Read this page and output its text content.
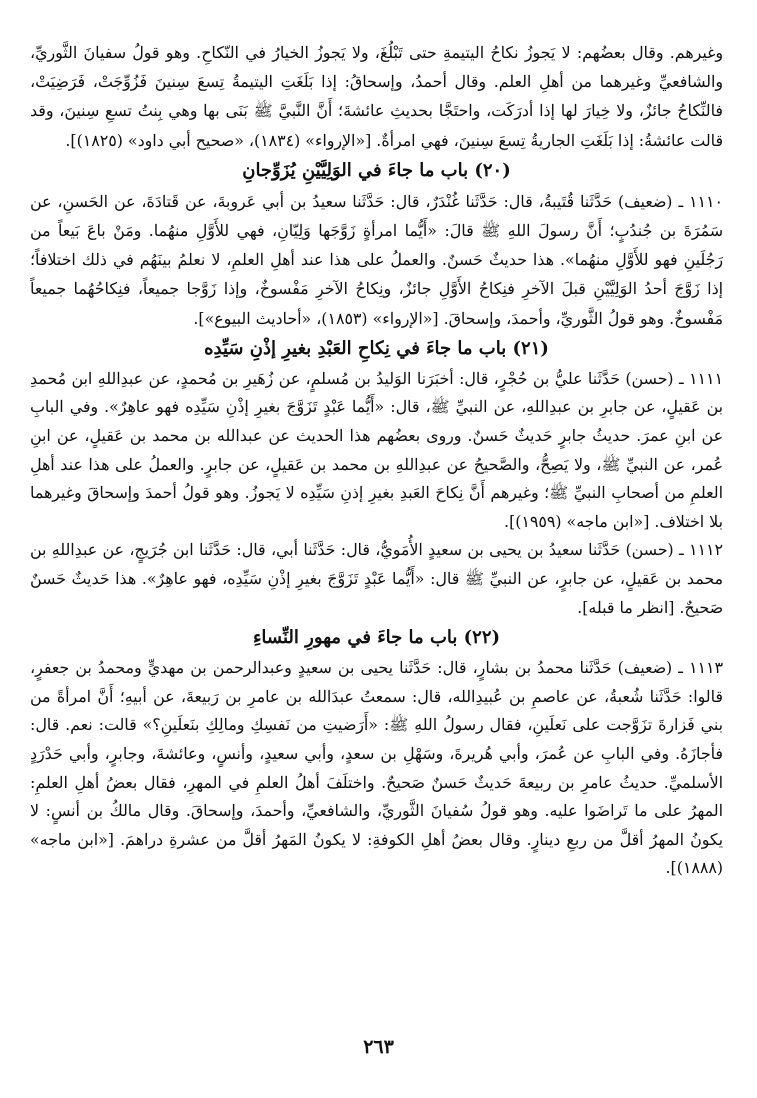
وغيرهم. وقال بعضُهم: لا يَجوزُ نكاحُ اليتيمةِ حتى تَبْلُغَ، ولا يَجوزُ الخيارُ في النّكاحِ. وهو قولُ سفيانَ الثَّوريِّ، والشافعيِّ وغيرهما من أهلِ العلم. وقال أحمدُ، وإسحاقُ: إذا بَلَغَتِ اليتيمةُ تِسعَ سِنينَ فَزُوِّجَتْ، فَرَضِيَتْ، فالنِّكاحُ جائزٌ، ولا خِيارَ لها إذا أدرَكَت، واحتَجَّا بحديثِ عائشةَ؛ أَنَّ النَّبيَّ ﷺ بَنَى بها وهي بِنتُ تسعِ سِنينَ، وقد قالت عائشةُ: إذا بَلَغَتِ الجاريةُ تِسعَ سِنينَ، فهي امرأةٌ. [«الإرواء» (١٨٣٤)، «صحيح أبي داود» (١٨٢٥)].

(٢٠) باب ما جاءَ في الوَلِيَّيْنِ يُزَوِّجانِ

١١١٠ ـ (ضعيف) حَدَّثَنا قُتَيبةُ، قال: حَدَّثَنا غُنْدَرٌ، قال: حَدَّثَنا سعيدُ بن أبي عَروبةَ، عن قَتادَةَ، عن الحَسنِ، عن سَمُرَةَ بن جُندُبٍ؛ أَنَّ رسولَ اللهِ ﷺ قالَ: «أَيُّما امرأةٍ زَوَّجَها وَلِيّانِ، فهي للأَوَّلِ منهُما. ومَنْ باعَ بَيعاً من رَجُلَينِ فهو للأَوَّلِ منهُما». هذا حديثٌ حَسنٌ. والعملُ على هذا عند أهلِ العلمِ، لا نعلمُ بينَهُم في ذلك اختلافاً؛ إذا زَوَّجَ أحدُ الوَلِيَّيْنِ قبلَ الآخرِ فنِكاحُ الأَوَّلِ جائزٌ، ونِكاحُ الآخرِ مَفْسوخٌ، وإذا زَوَّجا جميعاً، فنِكاحُهُما جميعاً مَفْسوخٌ. وهو قولُ الثَّوريِّ، وأحمدَ، وإسحاقَ. [«الإرواء» (١٨٥٣)، «أحاديث البيوع»].

(٢١) باب ما جاءَ في نِكاحِ العَبْدِ بغيرِ إذْنِ سَيِّدِه

١١١١ ـ (حسن) حَدَّثَنا عليُّ بن حُجْرٍ، قال: أخبَرَنا الوَليدُ بن مُسلمٍ، عن زُهَيرِ بن مُحمدٍ، عن عبدِاللهِ ابن مُحمدِ بن عَقيلٍ، عن جابرِ بن عبدِاللهِ، عن النبيِّ ﷺ، قال: «أَيُّما عَبْدٍ تَزَوَّجَ بغيرِ إذْنِ سَيِّدِه فهو عاهِرٌ». وفي البابِ عن ابنِ عمرَ. حديثُ جابرٍ حَديثٌ حَسنٌ. وروى بعضُهم هذا الحديث عن عبدالله بن محمد بن عَقيلٍ، عن ابنِ عُمر، عن النبيِّ ﷺ، ولا يَصِحُّ، والصَّحيحُ عن عبدِاللهِ بن محمد بن عَقيلٍ، عن جابرٍ. والعملُ على هذا عند أهلِ العلمِ من أصحابِ النبيِّ ﷺ؛ وغيرهم أَنَّ نِكاحَ العَبدِ بغيرِ إذنِ سَيِّدِه لا يَجوزُ. وهو قولُ أحمدَ وإسحاقَ وغيرهما بلا اختلاف. [«ابن ماجه» (١٩٥٩)].

١١١٢ ـ (حسن) حَدَّثَنا سعيدُ بن يحيى بن سعيدٍ الأُمَويُّ، قال: حَدَّثَنا أبي، قال: حَدَّثَنا ابن جُرَيجٍ، عن عبدِاللهِ بن محمد بن عَقيلٍ، عن جابرٍ، عن النبيِّ ﷺ قال: «أَيُّما عَبْدٍ تَزَوَّجَ بغيرِ إذْنِ سَيِّدِه، فهو عاهِرٌ». هذا حَديثٌ حَسنٌ صَحيحٌ. [انظر ما قبله].

(٢٢) باب ما جاءَ في مهورِ النِّساءِ

١١١٣ ـ (ضعيف) حَدَّثَنا محمدُ بن بشارٍ، قال: حَدَّثَنا يحيى بن سعيدٍ وعبدالرحمن بن مهديٍّ ومحمدُ بن جعفرٍ، قالوا: حَدَّثَنا شُعبةُ، عن عاصمِ بن عُبيدِالله، قال: سمعتُ عبدَالله بن عامرِ بن رَبيعةَ، عن أبيهِ؛ أَنَّ امرأةً من بني فَزارةَ تزَوَّجت على نَعلَينِ، فقال رسولُ اللهِ ﷺ: «أَرَضيتِ من نَفسِكِ ومالِكِ بنَعلَينِ؟» قالت: نعم. قال: فأجازَهُ. وفي البابِ عن عُمرَ، وأبي هُريرةَ، وسَهْلِ بن سعدٍ، وأبي سعيدٍ، وأنسٍ، وعائشةَ، وجابرٍ، وأبي حَدْرَدٍ الأسلميِّ. حديثُ عامرِ بن ربيعةَ حَديثٌ حَسنٌ صَحيحٌ. واختلَفَ أهلُ العلمِ في المهرِ، فقال بعضُ أهلِ العلمِ: المهرُ على ما تَراضَوا عليه. وهو قولُ سُفيانَ الثَّوريِّ، والشافعيِّ، وأحمدَ، وإسحاقَ. وقال مالكُ بن أنسٍ: لا يكونُ المهرُ أقلَّ من ربعِ دينارٍ. وقال بعضُ أهلِ الكوفةِ: لا يكونُ المَهرُ أقلَّ من عشرةِ دراهمَ. [«ابن ماجه» (١٨٨٨)].

٢٦٣
